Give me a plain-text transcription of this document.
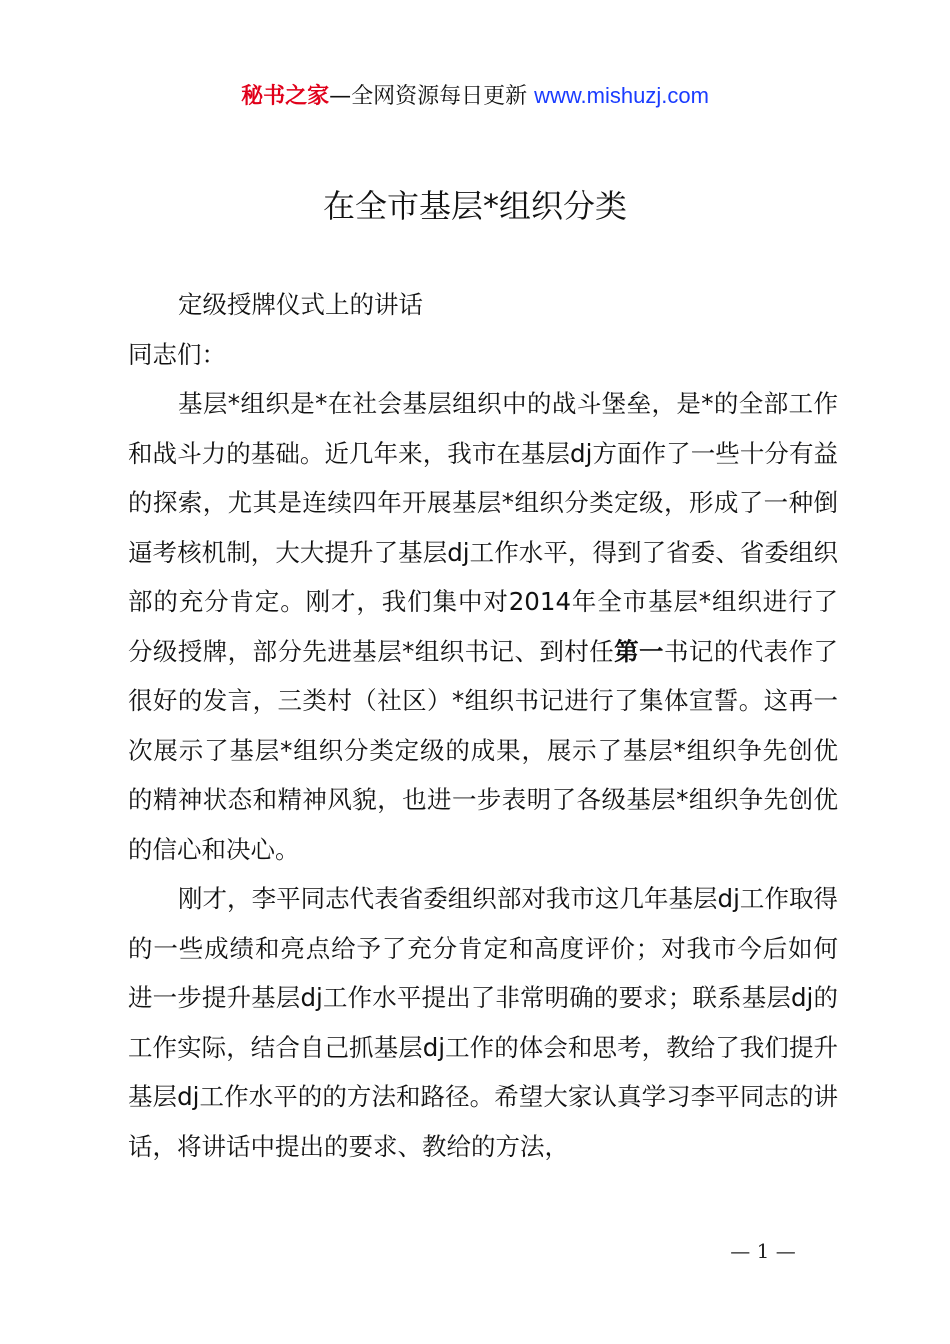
秘书之家—全网资源每日更新 www.mishuzj.com
在全市基层*组织分类

定级授牌仪式上的讲话

同志们：

基层*组织是*在社会基层组织中的战斗堡垒，是*的全部工作和战斗力的基础。近几年来，我市在基层dj方面作了一些十分有益的探索，尤其是连续四年开展基层*组织分类定级，形成了一种倒逼考核机制，大大提升了基层dj工作水平，得到了省委、省委组织部的充分肯定。刚才，我们集中对2014年全市基层*组织进行了分级授牌，部分先进基层*组织书记、到村任第一书记的代表作了很好的发言，三类村（社区）*组织书记进行了集体宣誓。这再一次展示了基层*组织分类定级的成果，展示了基层*组织争先创优的精神状态和精神风貌，也进一步表明了各级基层*组织争先创优的信心和决心。

刚才，李平同志代表省委组织部对我市这几年基层dj工作取得的一些成绩和亮点给予了充分肯定和高度评价；对我市今后如何进一步提升基层dj工作水平提出了非常明确的要求；联系基层dj的工作实际，结合自己抓基层dj工作的体会和思考，教给了我们提升基层dj工作水平的的方法和路径。希望大家认真学习李平同志的讲话，将讲话中提出的要求、教给的方法，

— 1 —
